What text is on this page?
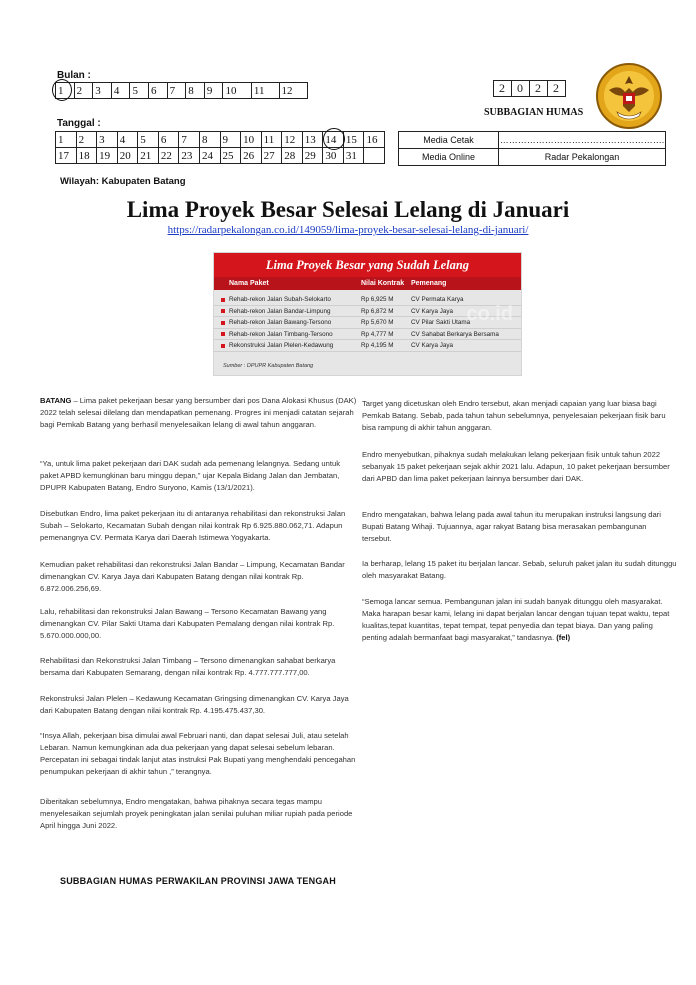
Bulan :
1	2	3	4	5	6	7	8	9	10	11	12
Tanggal :
1	2	3	4	5	6	7	8	9	10	11	12	13	14	15	16
17	18	19	20	21	22	23	24	25	26	27	28	29	30	31	
2	0	2	2
SUBBAGIAN HUMAS
Media Cetak	……………………………………………….
Media Online	Radar Pekalongan
Wilayah: Kabupaten Batang
Lima Proyek Besar Selesai Lelang di Januari
https://radarpekalongan.co.id/149059/lima-proyek-besar-selesai-lelang-di-januari/
Lima Proyek Besar yang Sudah Lelang
Nama Paket	Nilai Kontrak Pemenang
Rehab-rekon Jalan Subah-Selokarto	Rp 6,925 M	CV Permata Karya
Rehab-rekon Jalan Bandar-Limpung	Rp 6,872 M	CV Karya Jaya
Rehab-rekon Jalan Bawang-Tersono	Rp 5,670 M	CV Pilar Sakti Utama
Rehab-rekon Jalan Timbang-Tersono	Rp 4,777 M	CV Sahabat Berkarya Bersama
Rekonstruksi Jalan Plelen-Kedawung	Rp 4,195 M	CV Karya Jaya
co.id
Sumber : DPUPR Kabupaten Batang
BATANG – Lima paket pekerjaan besar yang bersumber dari pos Dana Alokasi Khusus (DAK) 2022 telah selesai dilelang dan mendapatkan pemenang. Progres ini menjadi catatan sejarah bagi Pemkab Batang yang berhasil menyelesaikan lelang di awal tahun anggaran.
“Ya, untuk lima paket pekerjaan dari DAK sudah ada pemenang lelangnya. Sedang untuk paket APBD kemungkinan baru minggu depan,” ujar Kepala Bidang Jalan dan Jembatan, DPUPR Kabupaten Batang, Endro Suryono, Kamis (13/1/2021).
Disebutkan Endro, lima paket pekerjaan itu di antaranya rehabilitasi dan rekonstruksi Jalan Subah – Selokarto, Kecamatan Subah dengan nilai kontrak Rp 6.925.880.062,71. Adapun pemenangnya CV. Permata Karya dari Daerah Istimewa Yogyakarta.
Kemudian paket rehabilitasi dan rekonstruksi Jalan Bandar – Limpung, Kecamatan Bandar dimenangkan CV. Karya Jaya dari Kabupaten Batang dengan nilai kontrak Rp. 6.872.006.256,69.
Lalu, rehabilitasi dan rekonstruksi Jalan Bawang – Tersono Kecamatan Bawang yang dimenangkan CV. Pilar Sakti Utama dari Kabupaten Pemalang dengan nilai kontrak Rp. 5.670.000.000,00.
Rehabilitasi dan Rekonstruksi Jalan Timbang – Tersono dimenangkan sahabat berkarya bersama dari Kabupaten Semarang, dengan nilai kontrak Rp. 4.777.777.777,00.
Rekonstruksi Jalan Plelen – Kedawung Kecamatan Gringsing dimenangkan CV. Karya Jaya dari Kabupaten Batang dengan nilai kontrak Rp. 4.195.475.437,30.
“Insya Allah, pekerjaan bisa dimulai awal Februari nanti, dan dapat selesai Juli, atau setelah Lebaran. Namun kemungkinan ada dua pekerjaan yang dapat selesai sebelum lebaran. Percepatan ini sebagai tindak lanjut atas instruksi Pak Bupati yang menghendaki pencegahan penumpukan pekerjaan di akhir tahun ,” terangnya.
Diberitakan sebelumnya, Endro mengatakan, bahwa pihaknya secara tegas mampu menyelesaikan sejumlah proyek peningkatan jalan senilai puluhan miliar rupiah pada periode April hingga Juni 2022.
Target yang dicetuskan oleh Endro tersebut, akan menjadi capaian yang luar biasa bagi Pemkab Batang. Sebab, pada tahun tahun sebelumnya, penyelesaian pekerjaan fisik baru bisa rampung di akhir tahun anggaran.
Endro menyebutkan, pihaknya sudah melakukan lelang pekerjaan fisik untuk tahun 2022 sebanyak 15 paket pekerjaan sejak akhir 2021 lalu. Adapun, 10 paket pekerjaan bersumber dari APBD dan lima paket pekerjaan lainnya bersumber dari DAK.
Endro mengatakan, bahwa lelang pada awal tahun itu merupakan instruksi langsung dari Bupati Batang Wihaji. Tujuannya, agar rakyat Batang bisa merasakan pembangunan tersebut.
Ia berharap, lelang 15 paket itu berjalan lancar. Sebab, seluruh paket jalan itu sudah ditunggu oleh masyarakat Batang.
“Semoga lancar semua. Pembangunan jalan ini sudah banyak ditunggu oleh masyarakat. Maka harapan besar kami, lelang ini dapat berjalan lancar dengan tujuan tepat waktu, tepat kualitas,tepat kuantitas, tepat tempat, tepat penyedia dan tepat biaya. Dan yang paling penting adalah bermanfaat bagi masyarakat,” tandasnya. (fel)
SUBBAGIAN HUMAS PERWAKILAN PROVINSI JAWA TENGAH
